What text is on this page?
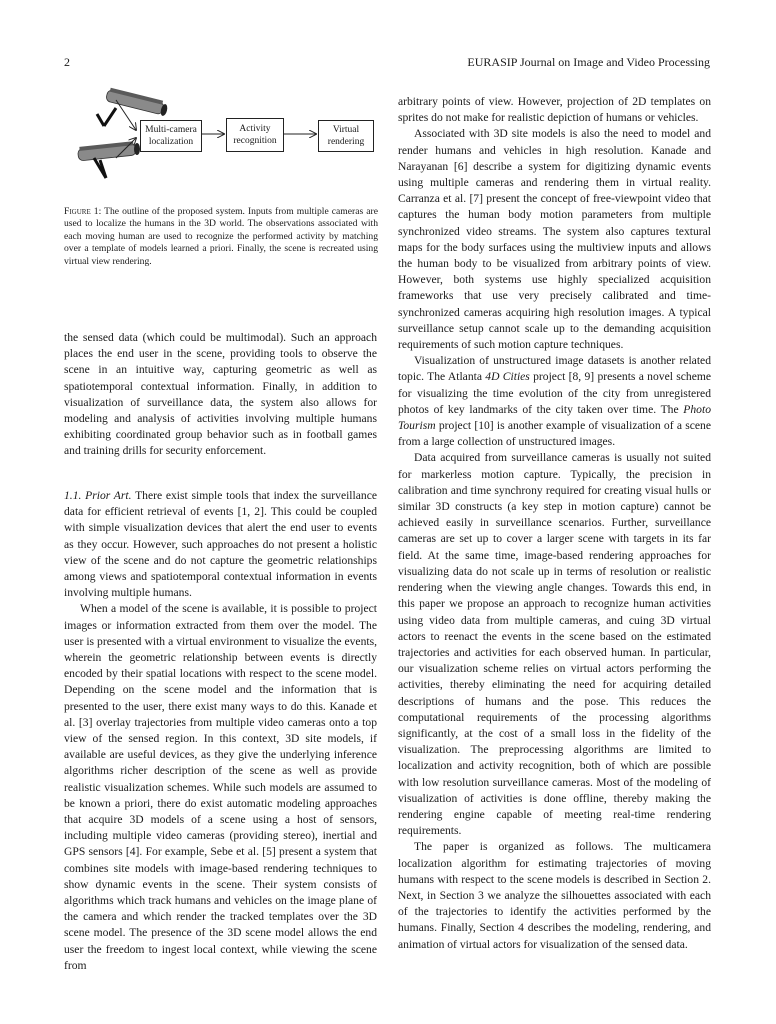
2	EURASIP Journal on Image and Video Processing
Multi-camera
localization
Activity
recognition
Virtual
rendering
Figure 1: The outline of the proposed system. Inputs from multiple cameras are used to localize the humans in the 3D world. The observations associated with each moving human are used to recognize the performed activity by matching over a template of models learned a priori. Finally, the scene is recreated using virtual view rendering.

the sensed data (which could be multimodal). Such an approach places the end user in the scene, providing tools to observe the scene in an intuitive way, capturing geometric as well as spatiotemporal contextual information. Finally, in addition to visualization of surveillance data, the system also allows for modeling and analysis of activities involving multiple humans exhibiting coordinated group behavior such as in football games and training drills for security enforcement.

1.1. Prior Art. There exist simple tools that index the surveillance data for efficient retrieval of events [1, 2]. This could be coupled with simple visualization devices that alert the end user to events as they occur. However, such approaches do not present a holistic view of the scene and do not capture the geometric relationships among views and spatiotemporal contextual information in events involving multiple humans.

When a model of the scene is available, it is possible to project images or information extracted from them over the model. The user is presented with a virtual environment to visualize the events, wherein the geometric relationship between events is directly encoded by their spatial locations with respect to the scene model. Depending on the scene model and the information that is presented to the user, there exist many ways to do this. Kanade et al. [3] overlay trajectories from multiple video cameras onto a top view of the sensed region. In this context, 3D site models, if available are useful devices, as they give the underlying inference algorithms richer description of the scene as well as provide realistic visualization schemes. While such models are assumed to be known a priori, there do exist automatic modeling approaches that acquire 3D models of a scene using a host of sensors, including multiple video cameras (providing stereo), inertial and GPS sensors [4]. For example, Sebe et al. [5] present a system that combines site models with image-based rendering techniques to show dynamic events in the scene. Their system consists of algorithms which track humans and vehicles on the image plane of the camera and which render the tracked templates over the 3D scene model. The presence of the 3D scene model allows the end user the freedom to ingest local context, while viewing the scene from

arbitrary points of view. However, projection of 2D templates on sprites do not make for realistic depiction of humans or vehicles.

Associated with 3D site models is also the need to model and render humans and vehicles in high resolution. Kanade and Narayanan [6] describe a system for digitizing dynamic events using multiple cameras and rendering them in virtual reality. Carranza et al. [7] present the concept of free-viewpoint video that captures the human body motion parameters from multiple synchronized video streams. The system also captures textural maps for the body surfaces using the multiview inputs and allows the human body to be visualized from arbitrary points of view. However, both systems use highly specialized acquisition frameworks that use very precisely calibrated and time-synchronized cameras acquiring high resolution images. A typical surveillance setup cannot scale up to the demanding acquisition requirements of such motion capture techniques.

Visualization of unstructured image datasets is another related topic. The Atlanta 4D Cities project [8, 9] presents a novel scheme for visualizing the time evolution of the city from unregistered photos of key landmarks of the city taken over time. The Photo Tourism project [10] is another example of visualization of a scene from a large collection of unstructured images.

Data acquired from surveillance cameras is usually not suited for markerless motion capture. Typically, the precision in calibration and time synchrony required for creating visual hulls or similar 3D constructs (a key step in motion capture) cannot be achieved easily in surveillance scenarios. Further, surveillance cameras are set up to cover a larger scene with targets in its far field. At the same time, image-based rendering approaches for visualizing data do not scale up in terms of resolution or realistic rendering when the viewing angle changes. Towards this end, in this paper we propose an approach to recognize human activities using video data from multiple cameras, and cuing 3D virtual actors to reenact the events in the scene based on the estimated trajectories and activities for each observed human. In particular, our visualization scheme relies on virtual actors performing the activities, thereby eliminating the need for acquiring detailed descriptions of humans and the pose. This reduces the computational requirements of the processing algorithms significantly, at the cost of a small loss in the fidelity of the visualization. The preprocessing algorithms are limited to localization and activity recognition, both of which are possible with low resolution surveillance cameras. Most of the modeling of visualization of activities is done offline, thereby making the rendering engine capable of meeting real-time rendering requirements.

The paper is organized as follows. The multicamera localization algorithm for estimating trajectories of moving humans with respect to the scene models is described in Section 2. Next, in Section 3 we analyze the silhouettes associated with each of the trajectories to identify the activities performed by the humans. Finally, Section 4 describes the modeling, rendering, and animation of virtual actors for visualization of the sensed data.
